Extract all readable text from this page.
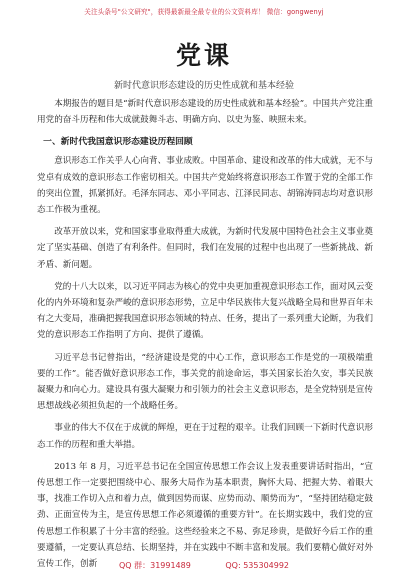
关注头条号"公文研究"，获得最新最全最专业的公文资料库！ 微信：gongwenyj
党课
新时代意识形态建设的历史性成就和基本经验

本期报告的题目是“新时代意识形态建设的历史性成就和基本经验”。中国共产党注重用党的奋斗历程和伟大成就鼓舞斗志、明确方向、以史为鉴、映照未来。

一、新时代我国意识形态建设历程回顾

意识形态工作关乎人心向背、事业成败。中国革命、建设和改革的伟大成就，无不与党卓有成效的意识形态工作密切相关。中国共产党始终将意识形态工作置于党的全部工作的突出位置，抓紧抓好。毛泽东同志、邓小平同志、江泽民同志、胡锦涛同志均对意识形态工作极为重视。

改革开放以来，党和国家事业取得重大成就，为新时代发展中国特色社会主义事业奠定了坚实基础、创造了有利条件。但同时，我们在发展的过程中也出现了一些新挑战、新矛盾、新问题。

党的十八大以来，以习近平同志为核心的党中央更加重视意识形态工作，面对风云变化的内外环境和复杂严峻的意识形态形势，立足中华民族伟大复兴战略全局和世界百年未有之大变局，准确把握我国意识形态领域的特点、任务，提出了一系列重大论断，为我们党的意识形态工作指明了方向、提供了遵循。

习近平总书记曾指出，“经济建设是党的中心工作，意识形态工作是党的一项极端重要的工作”。能否做好意识形态工作，事关党的前途命运，事关国家长治久安，事关民族凝聚力和向心力。建设具有强大凝聚力和引领力的社会主义意识形态，是全党特别是宣传思想战线必须担负起的一个战略任务。

事业的伟大不仅在于成就的辉煌，更在于过程的艰辛。让我们回顾一下新时代意识形态工作的历程和重大举措。

2013 年 8 月，习近平总书记在全国宣传思想工作会议上发表重要讲话时指出，“宣传思想工作一定要把围绕中心、服务大局作为基本职责，胸怀大局、把握大势、着眼大事，找准工作切入点和着力点，做到因势而谋、应势而动、顺势而为”，“坚持团结稳定鼓劲、正面宣传为主，是宣传思想工作必须遵循的重要方针”。在长期实践中，我们党的宣传思想工作积累了十分丰富的经验。这些经验来之不易、弥足珍贵，是做好今后工作的重要遵循，一定要认真总结、长期坚持，并在实践中不断丰富和发展。我们要精心做好对外宣传工作，创新	QQ 群：31991489	QQ: 535304992
